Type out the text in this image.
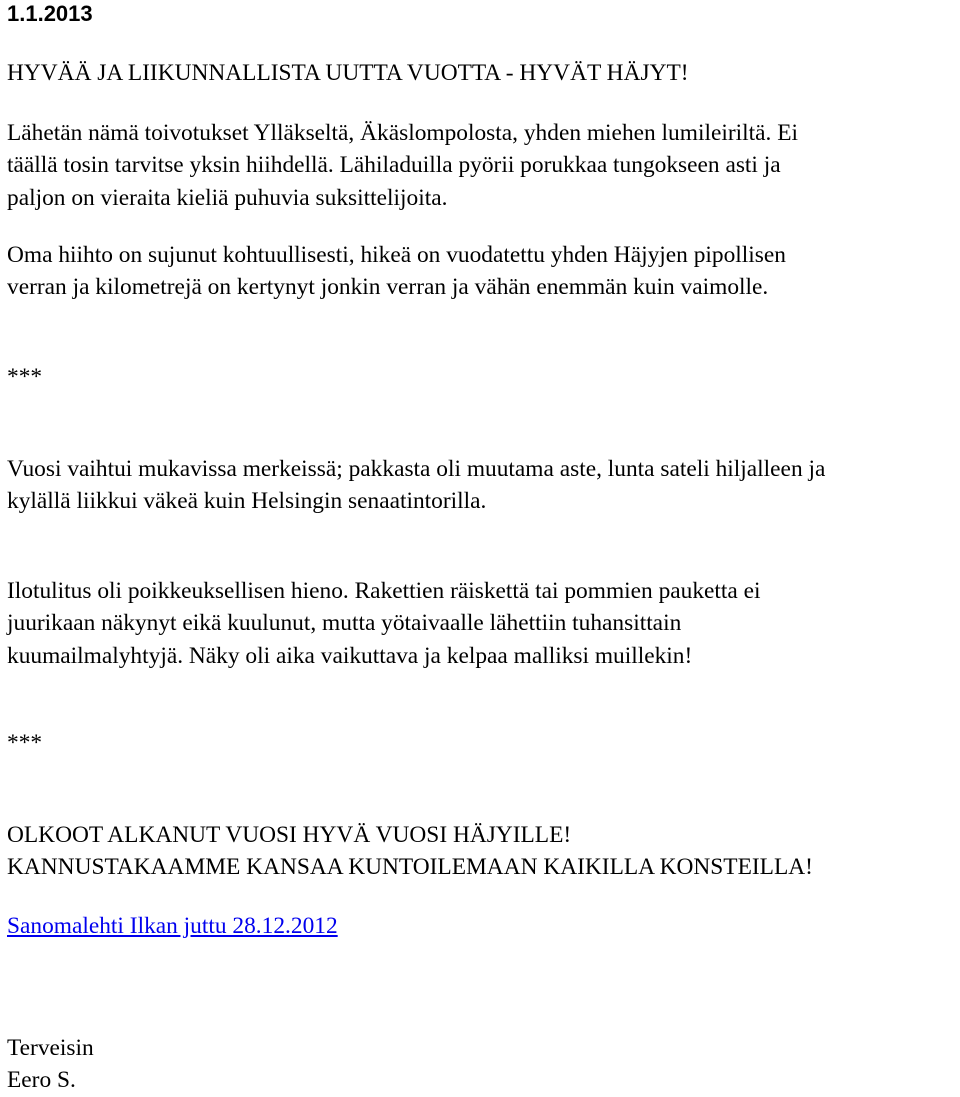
1.1.2013
HYVÄÄ JA LIIKUNNALLISTA UUTTA VUOTTA - HYVÄT HÄJYT!
Lähetän nämä toivotukset Ylläkseltä, Äkäslompolosta, yhden miehen lumileiriltä. Ei
täällä tosin tarvitse yksin hiihdellä. Lähiladuilla pyörii porukkaa tungokseen asti ja
paljon on vieraita kieliä puhuvia suksittelijoita.
Oma hiihto on sujunut kohtuullisesti, hikeä on vuodatettu yhden Häjyjen pipollisen
verran ja kilometrejä on kertynyt jonkin verran ja vähän enemmän kuin vaimolle.
***
Vuosi vaihtui mukavissa merkeissä; pakkasta oli muutama aste, lunta sateli hiljalleen ja
kylällä liikkui väkeä kuin Helsingin senaatintorilla.
Ilotulitus oli poikkeuksellisen hieno. Rakettien räiskettä tai pommien pauketta ei
juurikaan näkynyt eikä kuulunut, mutta yötaivaalle lähettiin tuhansittain
kuumailmalyhtyjä. Näky oli aika vaikuttava ja kelpaa malliksi muillekin!
***
OLKOOT ALKANUT VUOSI HYVÄ VUOSI HÄJYILLE!
KANNUSTAKAAMME KANSAA KUNTOILEMAAN KAIKILLA KONSTEILLA!
Sanomalehti Ilkan juttu 28.12.2012
Terveisin
Eero S.
